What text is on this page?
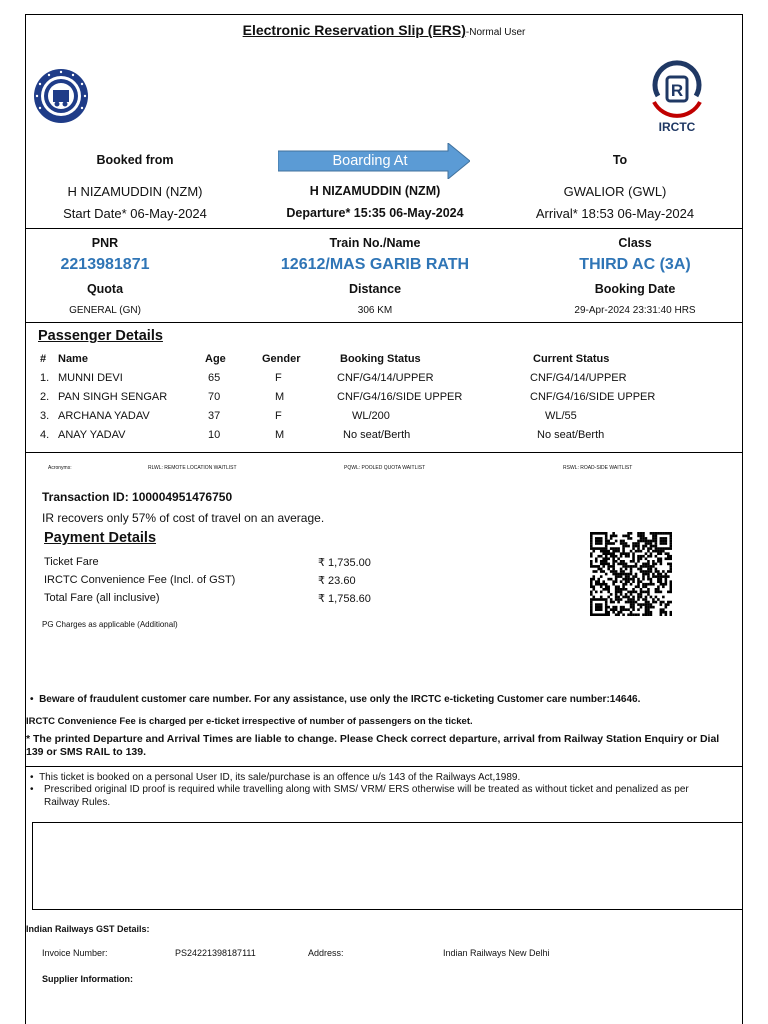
Electronic Reservation Slip (ERS)-Normal User
R
IRCTC
Booked from	Boarding At	To
H NIZAMUDDIN (NZM)	H NIZAMUDDIN (NZM)	GWALIOR (GWL)
Start Date* 06-May-2024	Departure* 15:35 06-May-2024	Arrival* 18:53 06-May-2024
PNR	Train No./Name	Class
2213981871	12612/MAS GARIB RATH	THIRD AC (3A)
Quota	Distance	Booking Date
GENERAL (GN)	306 KM	29-Apr-2024 23:31:40 HRS
Passenger Details
# Name	Age	Gender	Booking Status	Current Status
1. MUNNI DEVI	65	F	CNF/G4/14/UPPER	CNF/G4/14/UPPER
2. PAN SINGH SENGAR	70	M	CNF/G4/16/SIDE UPPER	CNF/G4/16/SIDE UPPER
3. ARCHANA YADAV	37	F	WL/200	WL/55
4. ANAY YADAV	10	M	No seat/Berth	No seat/Berth
Acronyms:	RLWL: REMOTE LOCATION WAITLIST	PQWL: POOLED QUOTA WAITLIST	RSWL: ROAD-SIDE WAITLIST
Transaction ID: 100004951476750
IR recovers only 57% of cost of travel on an average.
Payment Details
Ticket Fare	₹ 1,735.00
IRCTC Convenience Fee (Incl. of GST)	₹ 23.60
Total Fare (all inclusive)	₹ 1,758.60
PG Charges as applicable (Additional)
•  Beware of fraudulent customer care number. For any assistance, use only the IRCTC e-ticketing Customer care number:14646.
IRCTC Convenience Fee is charged per e-ticket irrespective of number of passengers on the ticket.
* The printed Departure and Arrival Times are liable to change. Please Check correct departure, arrival from Railway Station Enquiry or Dial 139 or SMS RAIL to 139.
•  This ticket is booked on a personal User ID, its sale/purchase is an offence u/s 143 of the Railways Act,1989.
• Prescribed original ID proof is required while travelling along with SMS/ VRM/ ERS otherwise will be treated as without ticket and penalized as per Railway Rules.
Indian Railways GST Details:
Invoice Number:	PS24221398187111	Address:	Indian Railways New Delhi
Supplier Information:
